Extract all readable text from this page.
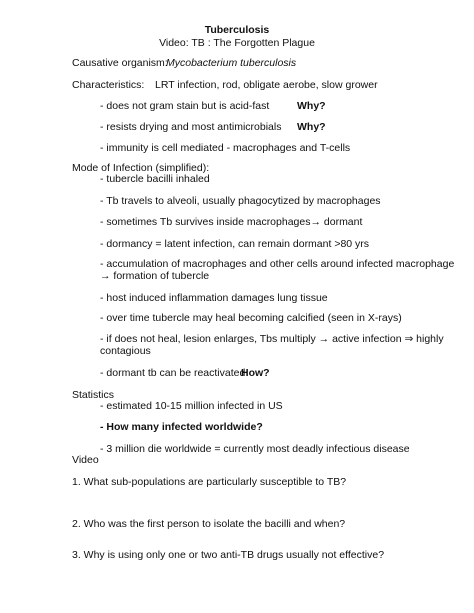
Tuberculosis
Video: TB : The Forgotten Plague
Causative organism:
Mycobacterium tuberculosis
Characteristics: LRT infection, rod, obligate aerobe, slow grower
- does not gram stain but is acid-fast	Why?
- resists drying and most antimicrobials Why?
- immunity is cell mediated - macrophages and T-cells
Mode of Infection (simplified):
- tubercle bacilli inhaled
- Tb travels to alveoli, usually phagocytized by macrophages
- sometimes Tb survives inside macrophages→ dormant
- dormancy = latent infection, can remain dormant >80 yrs
- accumulation of macrophages and other cells around infected macrophage
→ formation of tubercle
- host induced inflammation damages lung tissue
- over time tubercle may heal becoming calcified (seen in X-rays)
- if does not heal, lesion enlarges, Tbs multiply → active infection ⇒ highly
contagious
- dormant tb can be reactivated
How?
Statistics
- estimated 10-15 million infected in US
- How many infected worldwide?
- 3 million die worldwide = currently most deadly infectious disease
Video
1. What sub-populations are particularly susceptible to TB?
2. Who was the first person to isolate the bacilli and when?
3. Why is using only one or two anti-TB drugs usually not effective?
